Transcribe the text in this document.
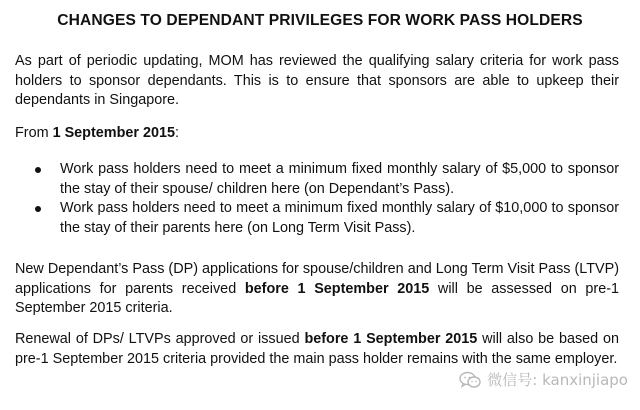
CHANGES TO DEPENDANT PRIVILEGES FOR WORK PASS HOLDERS

As part of periodic updating, MOM has reviewed the qualifying salary criteria for work pass holders to sponsor dependants. This is to ensure that sponsors are able to upkeep their dependants in Singapore.

From 1 September 2015:

Work pass holders need to meet a minimum fixed monthly salary of $5,000 to sponsor the stay of their spouse/ children here (on Dependant’s Pass).
Work pass holders need to meet a minimum fixed monthly salary of $10,000 to sponsor the stay of their parents here (on Long Term Visit Pass).

New Dependant’s Pass (DP) applications for spouse/children and Long Term Visit Pass (LTVP) applications for parents received before 1 September 2015 will be assessed on pre-1 September 2015 criteria.

Renewal of DPs/ LTVPs approved or issued before 1 September 2015 will also be based on pre-1 September 2015 criteria provided the main pass holder remains with the same employer.

微信号: kanxinjiapo
